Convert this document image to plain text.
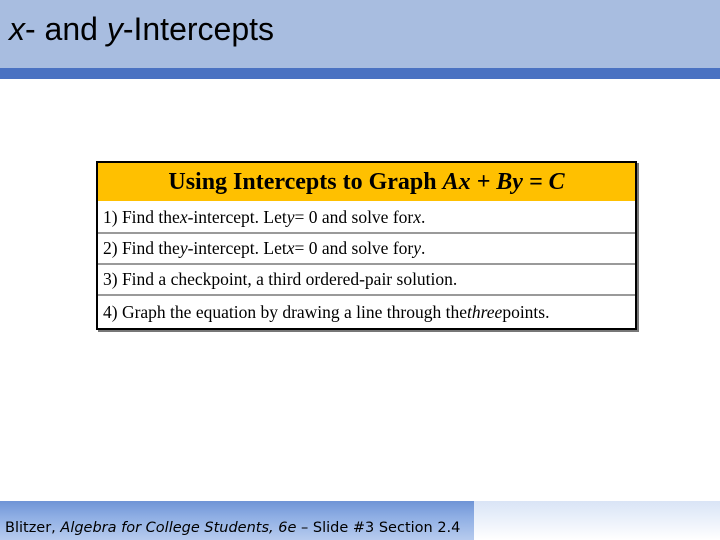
x- and y-Intercepts
Using Intercepts to Graph
Ax + By = C
1) Find the x -intercept. Let y = 0 and solve for x .
2) Find the y -intercept. Let x = 0 and solve for y .
3) Find a checkpoint, a third ordered-pair solution.
4) Graph the equation by drawing a line through the three points.
Blitzer, Algebra for College Students, 6e – Slide #3 Section 2.4
